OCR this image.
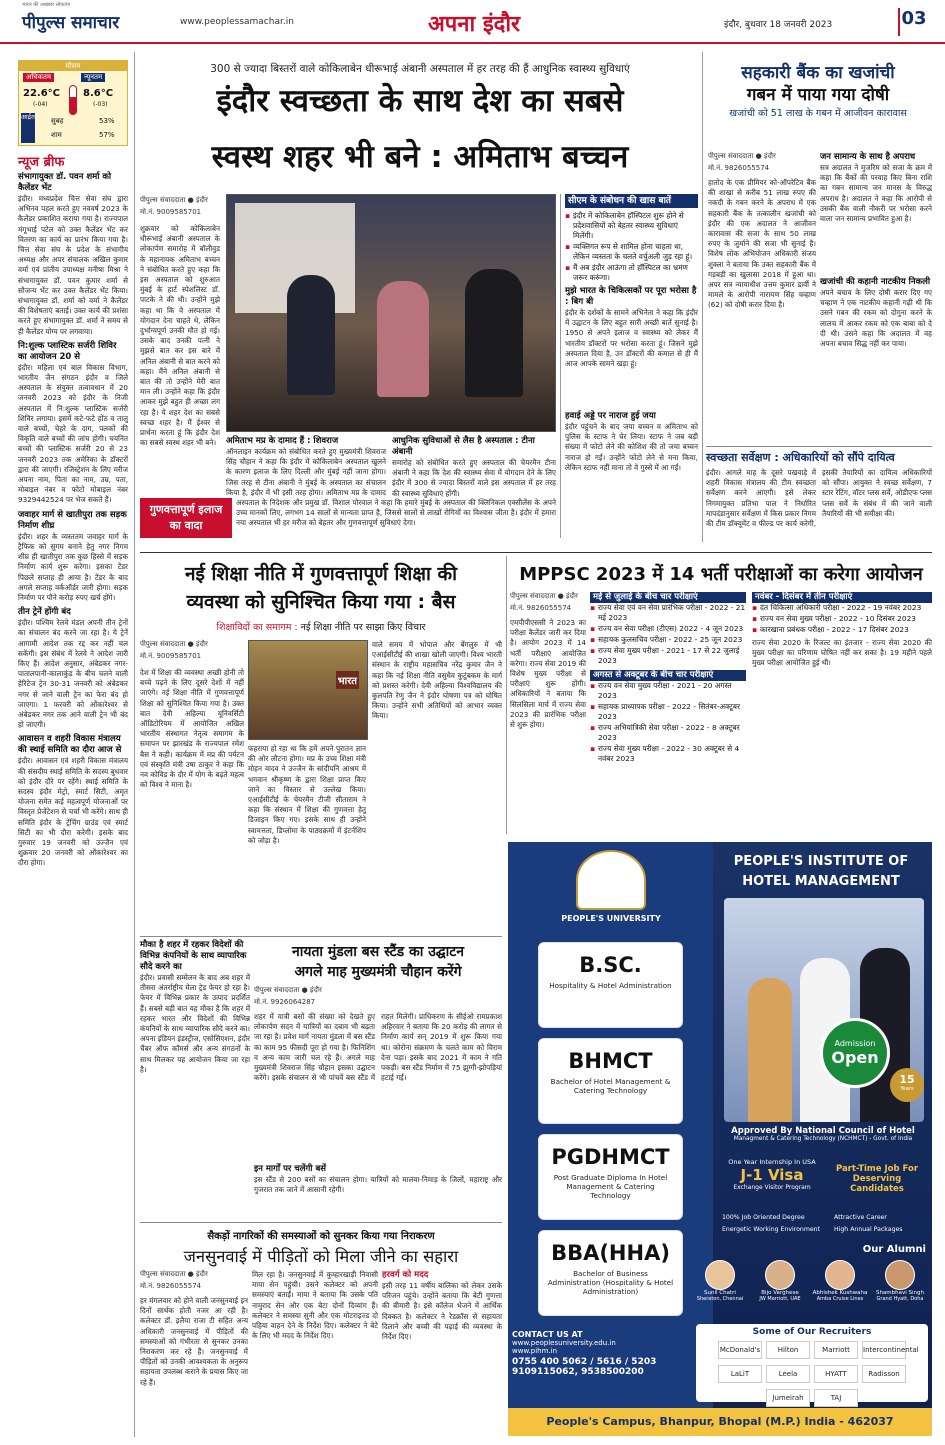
पीपुल्स समाचार
भारत की अखबार लोकतंत्र
www.peoplessamachar.in	अपना इंदौर	इंदौर, बुधवार 18 जनवरी 2023	03
मौसम
अधिकतम	न्यूनतम
22.6°C
(-04)
8.6°C
(-03)
आर्द्रता सुबह	53%
शाम	57%
न्यूज ब्रीफ
संभागायुक्त डॉ. पवन शर्मा को कैलेंडर भेंट
इंदौर। मध्यप्रदेश चित्त सेवा संघ द्वारा अभिनव पहल करते हुए नववर्ष 2023 के कैलेंडर प्रकाशित कराया गया है। राज्यपाल मंगूभाई पटेल को उक्त कैलेंडर भेंट कर वितरण का कार्य का प्रारंभ किया गया है। चित्त सेवा संघ के प्रदेश के संभागीय अध्यक्ष और अपर संचालक अखिल कुमार वर्मा एवं प्रांतीय उपाध्यक्ष मनीषा मिश्रा ने संभागायुक्त डॉ. पवन कुमार शर्मा से सौजन्य भेंट कर उक्त कैलेंडर भेंट किया। संभागायुक्त डॉ. शर्मा को वर्मा ने कैलेंडर की विशेषताएं बताई। उक्त कार्य की प्रशंसा करते हुए संभागायुक्त डॉ. शर्मा ने समय से ही कैलेंडर योग्य पर लगवाया।
नि:शुल्क प्लास्टिक सर्जरी शिविर का आयोजन 20 से
इंदौर। महिला एवं बाल विकास विभाग, भारतीय जैन संगठन इंदौर व जिले अस्पताल के संयुक्त तत्वावधान में 20 जनवरी 2023 को इंदौर के निजी अस्पताल में नि:शुल्क प्लास्टिक सर्जरी शिविर लगाया। इसमें कटे-फटे होंठ व तालु वाले बच्चों, चेहरे के दाग, पलकों की विकृति वाले बच्चों की जांच होगी। चयनित बच्चों की प्लास्टिक सर्जरी 20 से 23 जनवरी 2023 तक अमेरिका के डॉक्टरों द्वारा की जाएगी। रजिस्ट्रेशन के लिए मरीज अपना नाम, पिता का नाम, उम्र, पता, मोबाइल नंबर व फोटो मोबाइल नंबर 9329442524 पर भेज सकते हैं।
जवाहर मार्ग से खातीपुरा तक सड़क निर्माण शीघ्र
इंदौर। शहर के व्यस्ततम जवाहर मार्ग के ट्रैफिक को सुगम बनाने हेतु नगर निगम शीघ्र ही खातीपुरा तक कुछ हिस्से में सड़क निर्माण कार्य शुरू करेगा। इसका टेंडर पिछले सप्ताह ही आया है। टेंडर के बाद अगले सप्ताह वर्कऑर्डर जारी होगा। सड़क निर्माण पर पौने करोड़ रुपए खर्च होंगे।
तीन ट्रेनें होंगी बंद
इंदौर। पश्चिम रेलवे मंडल अपनी तीन ट्रेनों का संचालन बंद करने जा रहा है। ये ट्रेनें आगामी आदेश तक रद्द कर नहीं चल सकेंगी। इस संबंध में रेलवे ने आदेश जारी किए हैं। आदेश अनुसार, अंबेडकर नगर-पातालपानी-कालाकुंड के बीच चलने वाली हेरिटेज ट्रेन 30-31 जनवरी को अंबेडकर नगर से जाने वाली ट्रेन का फेरा बंद हो जाएगा। 1 फरवरी को ओंकारेश्वर से अंबेडकर नगर तक आने वाली ट्रेन भी बंद हो जाएगी।
आवासन व शहरी विकास मंत्रालय की स्थाई समिति का दौरा आज से
इंदौर। आवासन एवं शहरी विकास मंत्रालय की संसदीय स्थाई समिति के सदस्य बुधवार को इंदौर दौरे पर रहेंगे। स्थाई समिति के सदस्य इंदौर मेट्रो, स्मार्ट सिटी, अमृत योजना समेत कई महत्वपूर्ण योजनाओं पर विस्तृत प्रेजेंटेशन से चर्चा भी करेंगे। साथ ही समिति इंदौर के ट्रेंचिंग ग्राउंड एवं स्मार्ट सिटी का भी दौरा करेगी। इसके बाद गुरुवार 19 जनवरी को उज्जैन एवं शुक्रवार 20 जनवरी को ओंकारेश्वर का दौरा होगा।
300 से ज्यादा बिस्तरों वाले कोकिलाबेन धीरूभाई अंबानी अस्पताल में हर तरह की हैं आधुनिक स्वास्थ्य सुविधाएं
इंदौर स्वच्छता के साथ देश का सबसे
स्वस्थ शहर भी बने : अमिताभ बच्चन
पीपुल्स संवाददाता ● इंदौर
मो.नं. 9009585701
शुक्रवार को कोकिलाबेन धीरूभाई अंबानी अस्पताल के लोकार्पण समारोह में बॉलीवुड के महानायक अमिताभ बच्चन ने संबोधित करते हुए कहा कि इस अस्पताल को शुरुआत मुंबई के हार्ट स्पेशलिस्ट डॉ. पाटके ने की थी। उन्होंने मुझे कहा था कि वे अस्पताल में योगदान देना चाहते थे, लेकिन दुर्भाग्यपूर्ण उनकी मौत हो गई। उसके बाद उनकी पत्नी ने मुझसे बात कर इस बारे में अनिल अंबानी से बात करने को कहा। मैंने अनिल अंबानी से बात की तो उन्होंने मेरी बात मान ली। उन्होंने कहा कि इंदौर आकर मुझे बहुत ही अच्छा लग रहा है। ये शहर देश का सबसे स्वच्छ शहर है। मैं ईश्वर से प्रार्थना करता हूं कि इंदौर देश का सबसे स्वस्थ शहर भी बने।
सीएम के संबोधन की खास बातें
▪ इंदौर में कोकिलाबेन हॉस्पिटल शुरू होने से प्रदेशवासियों को बेहतर स्वास्थ्य सुविधाएं मिलेंगी।
▪ व्यक्तिगत रूप से शामिल होना चाहता था, लेकिन व्यस्तता के चलते वर्चुअली जुड़ रहा हूं।
▪ मैं अब इंदौर आऊंगा तो हॉस्पिटल का भ्रमण जरूर करूंगा।
मुझे भारत के चिकित्सकों पर पूरा भरोसा है : बिग बी
इंदौर के दर्शकों के सामने अभिनेता ने कहा कि इंदौर में उद्घाटन के लिए बहुत सारी अच्छी बातें सुनाई है। 1950 से अपने इलाज व स्वास्थ्य को लेकर मैं भारतीय डॉक्टरों पर भरोसा करता हूं। जिसने मुझे अस्पताल दिया है, उन डॉक्टरों की कमाल से ही मैं आज आपके सामने खड़ा हूं।
हवाई अड्डे पर नाराज हुई जया
इंदौर पहुंचने के बाद जया बच्चन व अमिताभ को पुलिस के स्टाफ ने घेर लिया। स्टाफ ने जब बड़ी संख्या में फोटो लेने की कोशिश की तो जया बच्चन नाराज हो गईं। उन्होंने फोटो लेने से मना किया, लेकिन स्टाफ नहीं माना तो वे गुस्से में आ गईं।
अमिताभ मप्र के दामाद हैं : शिवराज
ऑनलाइन कार्यक्रम को संबोधित करते हुए मुख्यमंत्री शिवराज सिंह चौहान ने कहा कि इंदौर में कोकिलाबेन अस्पताल खुलने के कारण इलाज के लिए दिल्ली और मुंबई नहीं जाना होगा। जिस तरह से टीना अंबानी ने मुंबई के अस्पताल का संचालन किया है, इंदौर में भी इसी तरह होगा। अमिताभ मप्र के दामाद
आधुनिक सुविधाओं से लैस है अस्पताल : टीना अंबानी
समारोह को संबोधित करते हुए अस्पताल की चेयरमैन टीना अंबानी ने कहा कि देश की स्वास्थ्य सेवा में योगदान देने के लिए इंदौर में 300 से ज्यादा बिस्तरों वाले इस अस्पताल में हर तरह की स्वास्थ्य सुविधाएं होंगी।
गुणवत्तापूर्ण इलाज का वादा
अस्पताल के निदेशक और प्रमुख डॉ. विशाल पोरवाल ने कहा कि हमारे मुंबई के अस्पताल की क्लिनिकल एक्सीलेंस के अपने उच्च मानकों लिए, लगभग 14 सालों से मान्यता प्राप्त है, जिससे सालों से लाखों रोगियों का विश्वास जीता है। इंदौर में हमारा नया अस्पताल भी हर मरीज को बेहतर और गुणवत्तापूर्ण सुविधाएं देगा।
सहकारी बैंक का खजांची
गबन में पाया गया दोषी
खजांची को 51 लाख के गबन में आजीवन कारावास
पीपुल्स संवाददाता ● इंदौर
मो.नं. 9826055574
हातोद के एक प्रीमियर को-ऑपरेटिव बैंक की शाखा से करीब 51 लाख रुपए की नकदी के गबन करने के अपराध में एक सहकारी बैंक के तत्कालीन खजांची को इंदौर की एक अदालत ने आजीवन कारावास की सजा के साथ 50 लाख रुपए के जुर्माने की सजा भी सुनाई है। विशेष लोक अभियोजन अधिकारी संजय शुक्ला ने बताया कि उक्त सहकारी बैंक में गड़बड़ी का खुलासा 2018 में हुआ था। अपर सत्र न्यायाधीश उत्तम कुमार डार्वी ने मामले के आरोपी नारायण सिंह चव्हाण (62) को दोषी करार दिया है।
जन सामान्य के साथ है अपराध
सत्र अदालत ने मुजरिम को सजा के क्रम में कहा कि बैंकों की परवाह किए बिना राशि का गबन सामान्य जन मानस के विरुद्ध अपराध है। अदालत ने कहा कि आरोपी से उसकी बैंक वाली नौकरी पर भरोसा करने वाला जन सामान्य प्रभावित हुआ है।
खजांची की कहानी नाटकीय निकली
अपने बचाव के लिए दोषी करार दिए गए चव्हाण ने एक नाटकीय कहानी गढ़ी थी कि उसने गबन की रकम को दोगुना करने के लालच में आकर रकम को एक बाबा को दे दी थी। उसने कहा कि अदालत में वह अपना बचाव सिद्ध नहीं कर पाया।
स्वच्छता सर्वेक्षण : अधिकारियों को सौंपे दायित्व
इंदौर। आगले माह के दूसरे पखवाड़े में शहरी विकास मंत्रालय की टीम स्वच्छता सर्वेक्षण करने आएगी। इसे लेकर निगमायुक्त प्रतिभा पाल ने निर्धारित मापदंडानुसार सर्वेक्षण में किस प्रकार निगम की टीम डॉक्यूमेंट व फील्ड पर कार्य करेगी, इसकी तैयारियों का दायित्व अधिकारियों को सौंपा। आयुक्त ने स्वच्छ सर्वेक्षण, 7 स्टार रेटिंग, वॉटर प्लस सर्वे, ओडीएफ प्लस प्लस सर्वे के संबंध में की जाने वाली तैयारियों की भी समीक्षा की।
नई शिक्षा नीति में गुणवत्तापूर्ण शिक्षा की
व्यवस्था को सुनिश्चित किया गया : बैस
शिक्षाविदों का समागम : नई शिक्षा नीति पर साझा किए विचार
पीपुल्स संवाददाता ● इंदौर
मो.नं. 9009585701
भारत
देश में शिक्षा की व्यवस्था अच्छी होनी तो बच्चे पढ़ने के लिए दूसरे देशों में नहीं जाएंगे। नई शिक्षा नीति में गुणवत्तापूर्ण शिक्षा को सुनिश्चित किया गया है। उक्त बात देवी अहिल्या यूनिवर्सिटी ऑडिटोरियम में आयोजित अखिल भारतीय संस्थागत नेतृत्व समागम के समापन पर झारखंड के राज्यपाल रमेश बैस ने कही। कार्यक्रम में मप्र की पर्यटन एवं संस्कृति मंत्री उषा ठाकुर ने कहा कि नव कोविड के दौर में योग के बढ़ते महत्व को विश्व ने माना है।
फहराया हो रहा था कि हमें अपने पुरातन ज्ञान की ओर लौटना होगा। मप्र के उच्च शिक्षा मंत्री मोहन यादव ने उज्जैन के सांदीपनि आश्रम में भगवान श्रीकृष्ण के द्वारा शिक्षा प्राप्त किए जाने का विस्तार से उल्लेख किया। एआईसीटीई के चेयरमैन टीजी सीताराम ने कहा कि संस्थान में शिक्षा की गुणवत्ता हेतु डिजाइन किए गए। इसके साथ ही उन्होंने स्वायत्तता, डिप्लोमा के पाठ्यक्रमों में इंटर्नशिप को जोड़ा है।
वाले समय में भोपाल और बेंगलुरु में भी एआईसीटीई की शाखा खोली जाएगी। विश्व भारती संस्थान के राष्ट्रीय महासचिव नरेंद्र कुमार जैन ने कहा कि नई शिक्षा नीति वसुधैव कुटुंबकम के मार्ग को प्रशस्त करेगी। देवी अहिल्या विश्वविद्यालय की कुलपति रेणु जैन ने इंदौर घोषणा पत्र को घोषित किया। उन्होंने सभी अतिथियों को आभार व्यक्त किया।
MPPSC 2023 में 14 भर्ती परीक्षाओं का करेगा आयोजन
पीपुल्स संवाददाता ● इंदौर
मो.नं. 9826055574
एमपीपीएससी ने 2023 का परीक्षा कैलेंडर जारी कर दिया है। आयोग 2023 में 14 भर्ती परीक्षाएं आयोजित करेगा। राज्य सेवा 2019 की विशेष मुख्य परीक्षा से परीक्षाएं शुरू होंगी। अधिकारियों ने बताया कि सिलसिला मार्च में राज्य सेवा 2023 की प्रारंभिक परीक्षा से शुरू होगा।
मई से जुलाई के बीच चार परीक्षाएं
▪ राज्य सेवा एवं वन सेवा प्रारंभिक परीक्षा - 2022 - 21 मई 2023
▪ राज्य वन सेवा परीक्षा (टीएस) 2022 - 4 जून 2023
▪ सहायक कुलसचिव परीक्षा - 2022 - 25 जून 2023
▪ राज्य सेवा मुख्य परीक्षा - 2021 - 17 से 22 जुलाई 2023
अगस्त से अक्टूबर के बीच चार परीक्षाएं
▪ राज्य वन सेवा मुख्य परीक्षा - 2021 - 20 अगस्त 2023
▪ सहायक प्राध्यापक परीक्षा - 2022 - सितंबर-अक्टूबर 2023
▪ राज्य अभियांत्रिकी सेवा परीक्षा - 2022 - 8 अक्टूबर 2023
▪ राज्य सेवा मुख्य परीक्षा - 2022 - 30 अक्टूबर से 4 नवंबर 2023
नवंबर - दिसंबर में तीन परीक्षाएं
▪ दंत चिकित्सा अधिकारी परीक्षा - 2022 - 19 नवंबर 2023
▪ राज्य वन सेवा मुख्य परीक्षा - 2022 - 10 दिसंबर 2023
▪ कारखाना प्रबंधक परीक्षा - 2022 - 17 दिसंबर 2023
राज्य सेवा 2020 के रिजल्ट का इंतजार - राज्य सेवा 2020 की मुख्य परीक्षा का परिणाम घोषित नहीं कर सका है। 19 महीने पहले मुख्य परीक्षा आयोजित हुई थी।
मौका है शहर में रहकर विदेशों की विभिन्न कंपनियों के साथ व्यापारिक सौदे करने का
इंदौर। प्रवासी सम्मेलन के बाद अब शहर में तीसरा अंतर्राष्ट्रीय मेला ट्रेड फेयर हो रहा है। फेयर में विभिन्न प्रकार के उत्पाद प्रदर्शित हैं। सबसे बड़ी बात यह मौका है कि शहर में रहकर भारत और विदेशों की विभिन्न कंपनियों के साथ व्यापारिक सौदे करने का। अपना इंडियन इंडस्ट्रीज, एसोसिएशन, इंदौर चैंबर ऑफ कॉमर्स और अन्य संगठनों के साथ मिलकर यह आयोजन किया जा रहा है।
नायता मुंडला बस स्टैंड का उद्घाटन
अगले माह मुख्यमंत्री चौहान करेंगे
पीपुल्स संवाददाता ● इंदौर
मो.नं. 9926064287
शहर में यात्री बसों की संख्या को देखते हुए लोकार्पण सदन में यात्रियों का दबाव भी बढ़ता जा रहा है। प्रवेश मार्ग नायता मुंडला में बस स्टैंड का काम 95 फीसदी पूरा हो गया है। फिनिशिंग व अन्य काम जारी चल रहे हैं। अगले माह मुख्यमंत्री शिवराज सिंह चौहान इसका उद्घाटन करेंगे। इसके संचालन से भी पांचवें बस स्टैंड में राहत मिलेगी। प्राधिकरण के सीईओ रामप्रकाश अहिरवार ने बताया कि 20 करोड़ की लागत से निर्माण कार्य सन् 2019 में शुरू किया गया था। कोरोना संक्रमण के चलते काम को विराम देना पड़ा। इसके बाद 2021 में काम ने गति पकड़ी। बस स्टैंड निर्माण में 75 झुग्गी-झोपड़ियां हटाई गईं।
इन मार्गों पर चलेंगी बसें
इस स्टैंड से 200 बसों का संचालन होगा। यात्रियों को मालवा-निमाड़ के जिलों, महाराष्ट्र और गुजरात तक जाने में आसानी रहेगी।
सैकड़ों नागरिकों की समस्याओं को सुनकर किया गया निराकरण
जनसुनवाई में पीड़ितों को मिला जीने का सहारा
पीपुल्स संवाददाता ● इंदौर
मो.नं. 9826055574
हर मंगलवार को होने वाली जनसुनवाई इन दिनों सार्थक होती नजर आ रही है। कलेक्टर डॉ. इलैया राजा टी सहित अन्य अधिकारी जनसुनवाई में पीड़ितों की समस्याओं को गंभीरता से सुनकर उनका निराकरण कर रहे हैं। जनसुनवाई में पीड़ितों को उनकी आवश्यकता के अनुरूप सहायता उपलब्ध कराने के प्रयास किए जा रहे हैं।
मिल रहा है। जनसुनवाई में कुम्हारखाड़ी निवासी माया सेन पहुंची। उसने कलेक्टर को अपनी समस्याएं बताईं। माया ने बताया कि उसके पति नामुराद सेन और एक बेटा दोनों दिव्यांग हैं। कलेक्टर ने समस्या सुनी और एक मोटराइज्ड दो पहिया वाहन देने के निर्देश दिए। कलेक्टर ने बेटे के लिए भी मदद के निर्देश दिए।
हरवर्ग को मदद
इसी तरह 11 वर्षीय बालिका को लेकर उसके परिजन पहुंचे। उन्होंने बताया कि बेटी गुणत्ता की बीमारी है। इसे कॉलेज भेजने में आर्थिक दिक्कत है। कलेक्टर ने रेडक्रॉस से सहायता दिलाने और बच्ची की पढ़ाई की व्यवस्था के निर्देश दिए।
PEOPLE'S UNIVERSITY
B.SC.
Hospitality & Hotel Administration
BHMCT
Bachelor of Hotel Management & Catering Technology
PGDHMCT
Post Graduate Diploma In Hotel Management & Catering Technology
BBA(HHA)
Bachelor of Business Administration (Hospitality & Hotel Administration)
PEOPLE'S INSTITUTE OF
HOTEL MANAGEMENT
Admission
Open
15
Years
Approved By National Council of Hotel
Managment & Catering Technology (NCHMCT) - Govt. of India
One Year Internship In USA
J-1 Visa
Exchange Visitor Program
Part-Time Job For
Deserving Candidates
100% Job Oriented Degree
Energetic Working Environment
Attractive Career
High Annual Packages
Our Alumni
Sunil Chatri
Sheraton, Chennai
Bijo Varghese
JW Marriott, UAE
Abhishek Kushwaha
Amba Cruise Lines
Shambhavi Singh
Grand Hyatt, Doha
CONTACT US AT
www.peoplesuniversity.edu.in
www.pihm.in
0755 400 5062 / 5616 / 5203
9109115062, 9538500200
Some of Our Recruiters
McDonald's	Hilton	Marriott IntercontinentalLaLiT	Leela	HYATT	RadissonJumeirah	TAJ
People's Campus, Bhanpur, Bhopal (M.P.) India - 462037
